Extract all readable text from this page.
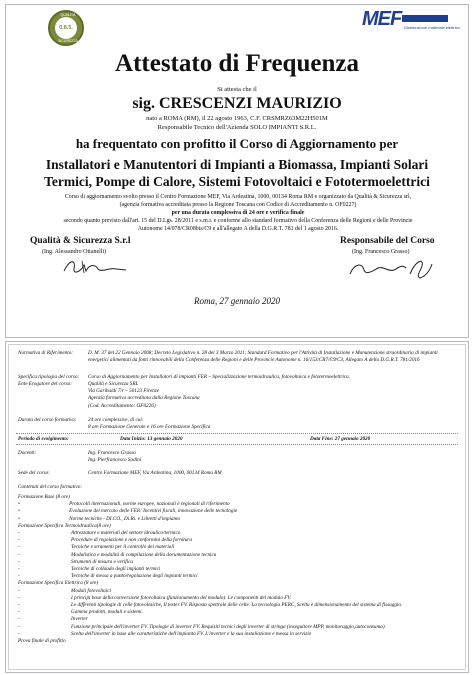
0.8.5.
QUALITÀ
SICUREZZA
MEF Distribuzione materiale elettrico
Attestato di Frequenza
Si attesta che il
sig. CRESCENZI MAURIZIO
nato a ROMA (RM), il 22 agosto 1963, C.F. CRSMRZ63M22H501M
Responsabile Tecnico dell'Azienda SOLO IMPIANTI S.R.L.
ha frequentato con profitto il Corso di Aggiornamento per
Installatori e Manutentori di Impianti a Biomassa, Impianti Solari
Termici, Pompe di Calore, Sistemi Fotovoltaici e Fototermoelettrici
Corso di aggiornamento svolto presso il Centro Formazione MEF, Via Ardeatina, 1000, 00134 Roma RM e organizzato da Qualità & Sicurezza srl,
(agenzia formativa accreditata presso la Regione Toscana con Codice di Accreditamento n. OF0227)
per una durata complessiva di 24 ore e verifica finale
secondo quanto previsto dall'art. 15 del D.Lgs. 28/2011 e s.m.i. e conforme allo standard formativo della Conferenza delle Regioni e delle Provincie
Autonome 14/078/CR08bis/C9 e all'allegato A della D.G.R.T. 781 del 1 agosto 2016.
Qualità & Sicurezza S.r.l
(Ing. Alessandro Ottanelli)
Responsabile del Corso
(Ing. Francesco Grasso)
Roma, 27 gennaio 2020
Normativa di Riferimento:	D. M. 37 del 22 Gennaio 2008; Decreto Legislativo n. 28 del 3 Marzo 2011; Standard Formativo per l'Attività di Installazione e Manutenzione straordinaria di impianti energetici alimentati da fonti rinnovabili della Conferenza delle Regioni e delle Provincie Autonome n. 16/153/CR7/C9/C3, Allegato A della D.G.R.T. 781/2016
Specifica tipologia del corso:	Corso di Aggiornamento per Installatori di impianti FER – Specializzazione termoidraulica, fotovoltaica e fototermoelettrica.
Ente Erogatore del corso:	Qualità e Sicurezza SRL
Via Garibaldi 7/r – 50123 Firenze
Agenzia formativa accreditata dalla Regione Toscana
(Cod. Accreditamento: OF0226)
Durata del corso formativo:	24 ore complessive, di cui:
8 ore Formazione Generale e 16 ore Formazione Specifica
Periodo di svolgimento:	Data Inizio: 13 gennaio 2020	Data Fine: 27 gennaio 2020
Docenti:	Ing. Francesco Grasso
Ing. Pierfrancesco Sodini
Sede del corso:	Centro Formazione MEF, Via Ardeatina, 1000, 00134 Roma RM
Contenuti del corso formativo:
Formazione Base (8 ore)
•	Protocolli internazionali, norme europee, nazionali e regionali di riferimento
•	Evoluzione del mercato delle FER: Incentivi fiscali, innovazione delle tecnologie
•	Norme tecniche - DI.CO., Di.Ri. e Libretti d'impianto
Formazione Specifica Termoidraulica(8 ore)
-	Attrezzature e materiali del settore idraulico/termico
-	Procedure di regolazione e non conformità della fornitura
-	Tecniche e strumenti per il controllo dei materiali
-	Modulistica e modalità di compilazione della documentazione tecnica
-	Strumenti di misura e verifica
-	Tecniche di collaudo degli impianti termici
-	Tecniche di messa a punto/regolazione degli impianti termici
Formazione Specifica Elettrica (8 ore)
-	Moduli fotovoltaici
-	I principi base della conversione fotovoltaica (funzionamento del modulo). Le componenti del modulo FV.
-	Le differenti tipologie di celle fotovoltaiche, Il tester FV. Risposta spettrale delle celle. La tecnologia PERC, Scelta e dimensionamento del sistema di fissaggio.
-	Gamma prodotti, moduli e sistemi.
-	Inverter
-	Funzione principale dell'inverter FV. Tipologie di inverter FV. Requisiti tecnici degli inverter di stringa (inseguitore MPP, monitoraggio,autoconsumo).
-	Scelta dell'inverter in base alle caratteristiche dell'impianto FV. L'inverter e la sua installazione e messa in servizio
Prova finale di profitto
